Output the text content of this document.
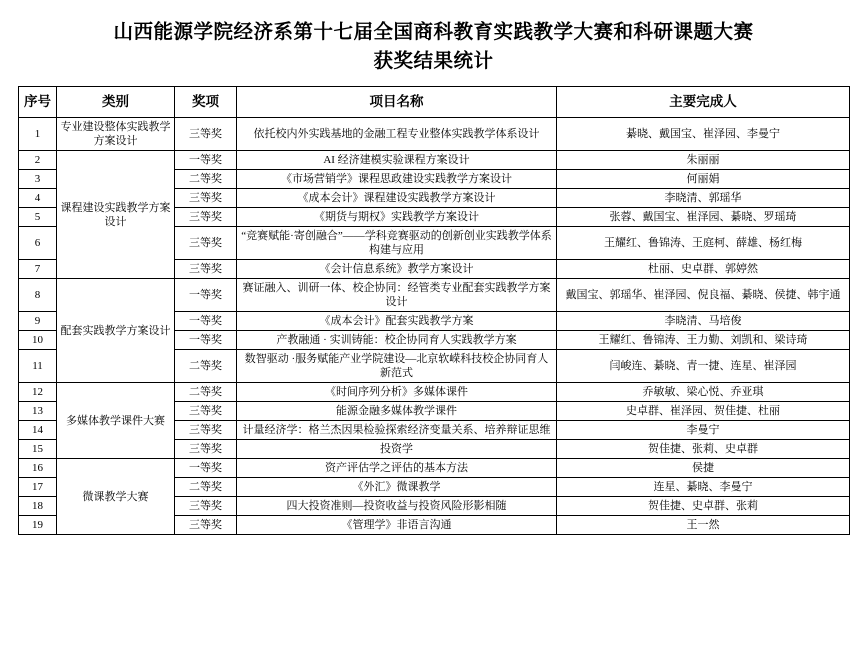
山西能源学院经济系第十七届全国商科教育实践教学大赛和科研课题大赛
获奖结果统计
序号	类别	奖项	项目名称	主要完成人
1	专业建设整体实践教学方案设计	三等奖	依托校内外实践基地的金融工程专业整体实践教学体系设计	綦晓、戴国宝、崔泽园、李曼宁
2	课程建设实践教学方案设计	一等奖	AI 经济建模实验课程方案设计	朱丽丽
3		二等奖	《市场营销学》课程思政建设实践教学方案设计	何丽娟
4		三等奖	《成本会计》课程建设实践教学方案设计	李晓清、郭瑶华
5		三等奖	《期货与期权》实践教学方案设计	张蓉、戴国宝、崔泽园、綦晓、罗瑶琦
6		三等奖	“竞赛赋能·寄创融合”——学科竞赛驱动的创新创业实践教学体系构建与应用	王耀红、鲁锦涛、王庭柯、薛雄、杨红梅
7		三等奖	《会计信息系统》教学方案设计	杜丽、史卓群、郭婷然
8	配套实践教学方案设计	一等奖	赛证融入、训研一体、校企协同：经管类专业配套实践教学方案设计	戴国宝、郭瑶华、崔泽园、倪良福、綦晓、侯捷、韩宇通
9		一等奖	《成本会计》配套实践教学方案	李晓清、马培俊
10		一等奖	产教融通 · 实训铸能：校企协同育人实践教学方案	王耀红、鲁锦涛、王力勤、刘凯和、梁诗琦
11		二等奖	数智驱动 ·服务赋能产业学院建设—北京软嵘科技校企协同育人新范式	闫峻连、綦晓、青一捷、连星、崔泽园
12	多媒体教学课件大赛	二等奖	《时间序列分析》多媒体课件	乔敏敏、梁心悦、乔亚琪
13		三等奖	能源金融多媒体教学课件	史卓群、崔泽园、贺佳捷、杜丽
14		三等奖	计量经济学：格兰杰因果检验探索经济变量关系、培养辩证思维	李曼宁
15		三等奖	投资学	贺佳捷、张莉、史卓群
16	微课教学大赛	一等奖	资产评估学之评估的基本方法	侯捷
17		二等奖	《外汇》微课教学	连星、綦晓、李曼宁
18		三等奖	四大投资准则—投资收益与投资风险形影相随	贺佳捷、史卓群、张莉
19		三等奖	《管理学》非语言沟通	王一然
